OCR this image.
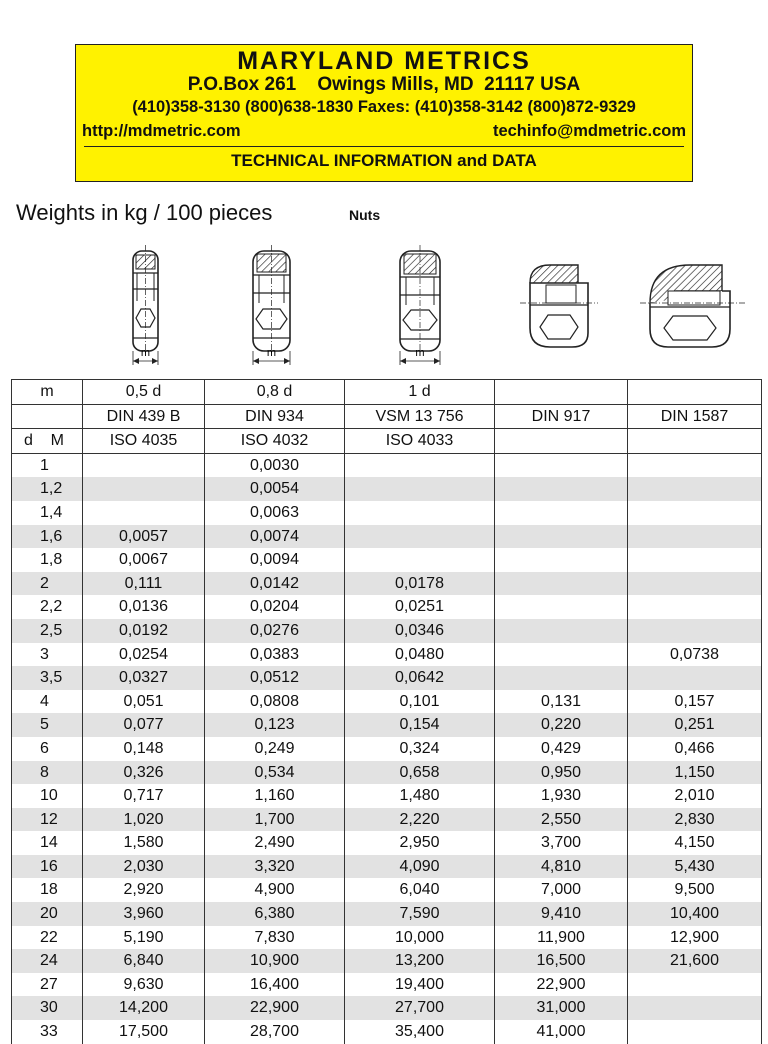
MARYLAND METRICS
P.O.Box 261    Owings Mills, MD  21117 USA
(410)358-3130 (800)638-1830 Faxes: (410)358-3142 (800)872-9329
http://mdmetric.com	techinfo@mdmetric.com
TECHNICAL INFORMATION and DATA
Weights in kg / 100 pieces	Nuts
m	m	m
m	0,5 d	0,8 d	1 d		
	DIN 439 B	DIN 934	VSM 13 756	DIN 917	DIN 1587
d    M	ISO 4035	ISO 4032	ISO 4033		
1		0,0030			
1,2		0,0054			
1,4		0,0063			
1,6	0,0057	0,0074			
1,8	0,0067	0,0094			
2	0,111	0,0142	0,0178		
2,2	0,0136	0,0204	0,0251		
2,5	0,0192	0,0276	0,0346		
3	0,0254	0,0383	0,0480		0,0738
3,5	0,0327	0,0512	0,0642		
4	0,051	0,0808	0,101	0,131	0,157
5	0,077	0,123	0,154	0,220	0,251
6	0,148	0,249	0,324	0,429	0,466
8	0,326	0,534	0,658	0,950	1,150
10	0,717	1,160	1,480	1,930	2,010
12	1,020	1,700	2,220	2,550	2,830
14	1,580	2,490	2,950	3,700	4,150
16	2,030	3,320	4,090	4,810	5,430
18	2,920	4,900	6,040	7,000	9,500
20	3,960	6,380	7,590	9,410	10,400
22	5,190	7,830	10,000	11,900	12,900
24	6,840	10,900	13,200	16,500	21,600
27	9,630	16,400	19,400	22,900	
30	14,200	22,900	27,700	31,000	
33	17,500	28,700	35,400	41,000	
